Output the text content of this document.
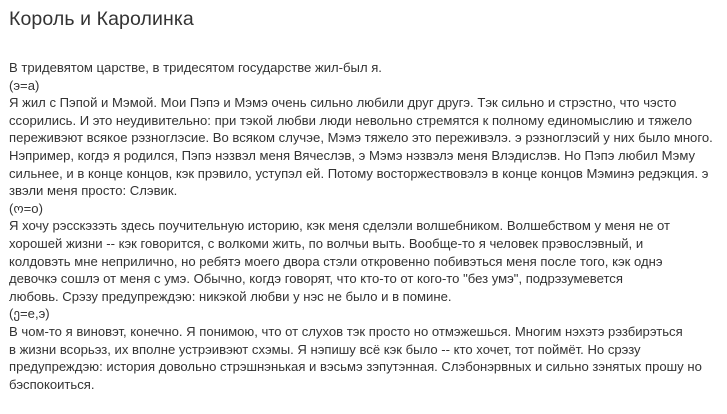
Король и Каролинка
В тридевятом царстве, в тридесятом государстве жил-был я.
(э=а)
Я жил с Пэпой и Мэмой. Мои Пэпэ и Мэмэ очень сильно любили друг другэ. Тэк сильно и стрэстно, что чэсто
ссорились. И это неудивительно: при тэкой любви люди невольно стремятся к полному единомыслию и тяжело
переживэют всякое рэзноглэсие. Во всяком случэе, Мэмэ тяжело это переживэлэ. э рэзноглэсий у них было много.
Нэпример, когдэ я родился, Пэпэ нэзвэл меня Вячеслэв, э Мэмэ нэзвэлэ меня Влэдислэв. Но Пэпэ любил Мэму
сильнее, и в конце концов, кэк прэвило, уступэл ей. Потому восторжествовэлэ в конце концов Мэминэ редэкция. э
звэли меня просто: Слэвик.
(ო=о)
Я хочу рэсскэзэть здесь поучительную историю, кэк меня сделэли волшебником. Волшебством у меня не от
хорошей жизни -- кэк говорится, с волкоми жить, по волчьи выть. Вообще-то я человек прэвослэвный, и
колдовэть мне неприлично, но ребятэ моего двора стэли откровенно побивэться меня после того, кэк однэ
девочкэ сошлэ от меня с умэ. Обычно, когдэ говорят, что кто-то от кого-то "без умэ", подрэзумевется
любовь. Срэзу предупреждэю: никэкой любви у нэс не было и в помине.
(ე=е,э)
В чом-то я виновэт, конечно. Я понимою, что от слухов тэк просто но отмэжешься. Многим нэхэтэ рэзбирэться
в жизни всорьэз, их вполне устрэивэют схэмы. Я нэпишу всё кэк было -- кто хочет, тот поймёт. Но срэзу
предупреждэю: история довольно стрэшнэнькая и вэсьмэ зэпутэнная. Слэбонэрвных и сильно зэнятых прошу но
бэспокоиться.
